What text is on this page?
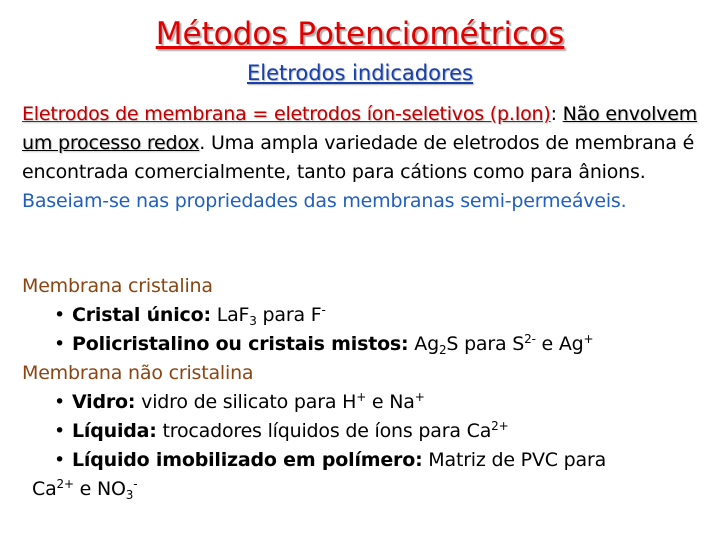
Métodos Potenciométricos
Eletrodos indicadores
Eletrodos de membrana = eletrodos íon-seletivos (p.Ion): Não envolvem um processo redox. Uma ampla variedade de eletrodos de membrana é encontrada comercialmente, tanto para cátions como para ânions. Baseiam-se nas propriedades das membranas semi-permeáveis.
Membrana cristalina
• Cristal único: LaF$_3$ para F-
• Policristalino ou cristais mistos: $Ag_2S$ para $S^{2-}$ e Ag+
Membrana não cristalina
• Vidro: vidro de silicato para H+ e Na+
• Líquida: trocadores líquidos de íons para $Ca^{2+}$
• Líquido imobilizado em polímero: Matriz de PVC para
$Ca^{2+}$ e $NO_3^-$
